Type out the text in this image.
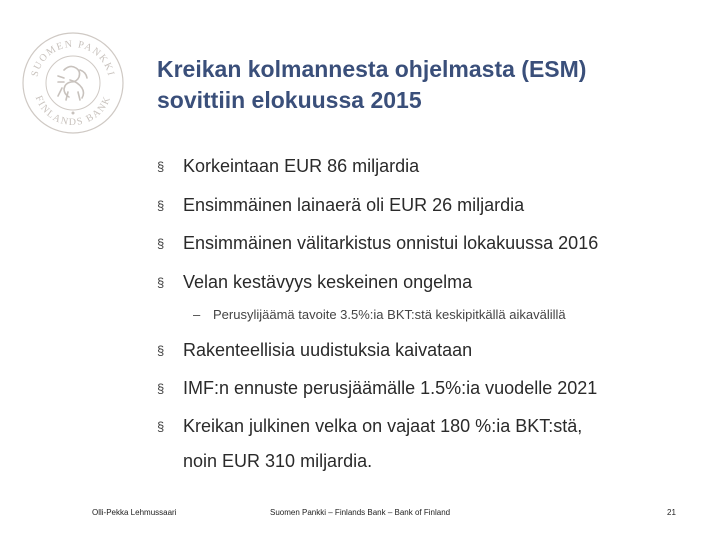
SUOMEN PANKKI
FINLANDS BANK
Kreikan kolmannesta ohjelmasta (ESM)
sovittiin elokuussa 2015
§ Korkeintaan EUR 86 miljardia
§ Ensimmäinen lainaerä oli EUR 26 miljardia
§ Ensimmäinen välitarkistus onnistui lokakuussa 2016
§ Velan kestävyys keskeinen ongelma
– Perusylijäämä tavoite 3.5%:ia BKT:stä keskipitkällä aikavälillä
§ Rakenteellisia uudistuksia kaivataan
§ IMF:n ennuste perusjäämälle 1.5%:ia vuodelle 2021
§ Kreikan julkinen velka on vajaat 180 %:ia BKT:stä,
noin EUR 310 miljardia.
Olli-Pekka Lehmussaari	Suomen Pankki – Finlands Bank – Bank of Finland	21
